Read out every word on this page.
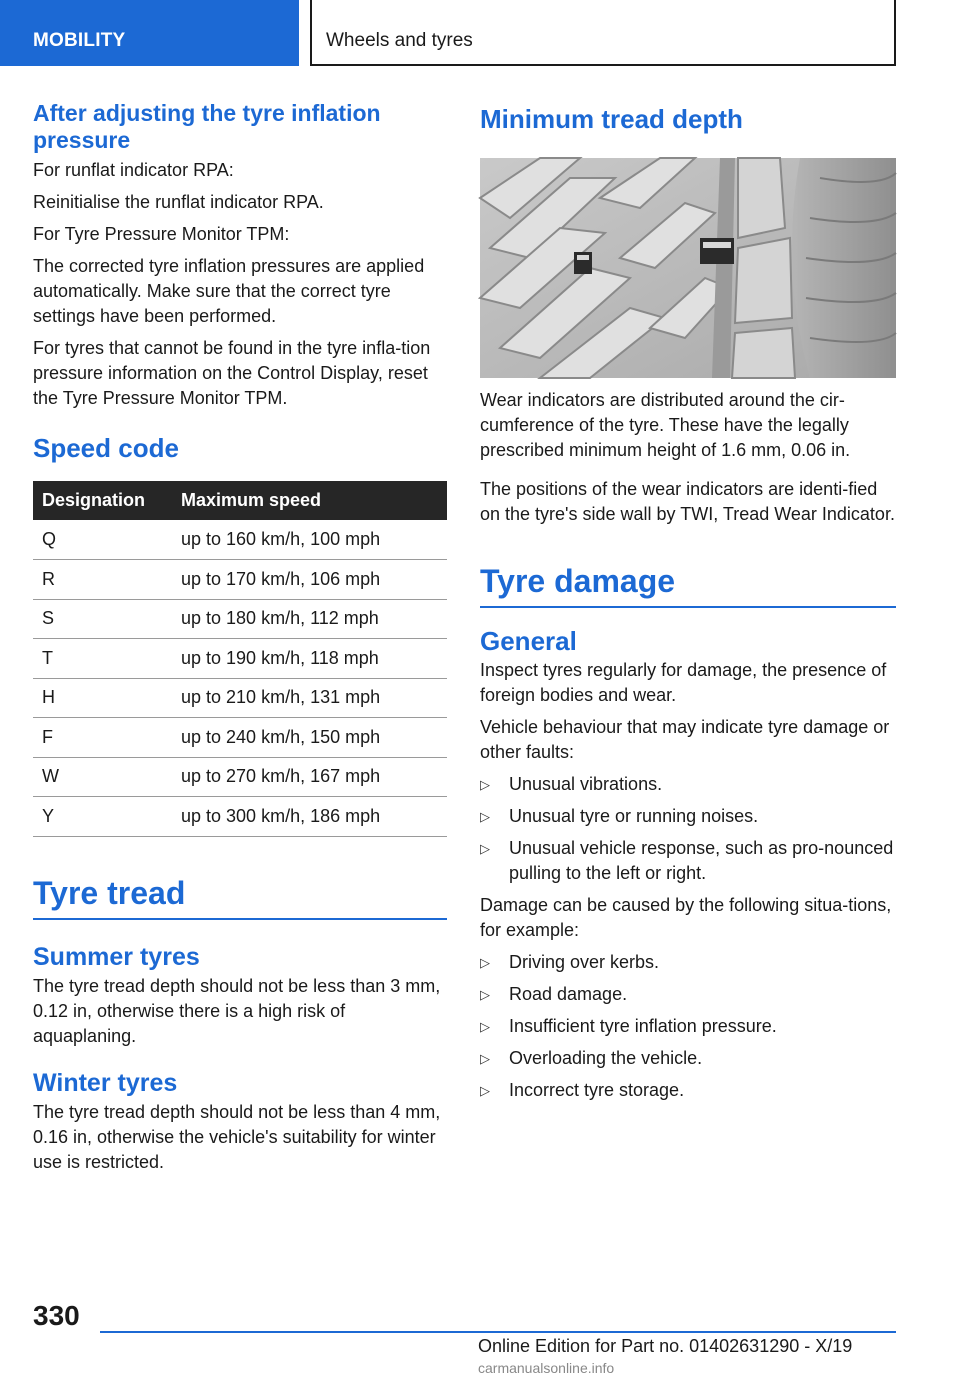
MOBILITY	Wheels and tyres
After adjusting the tyre inflation pressure

For runflat indicator RPA:

Reinitialise the runflat indicator RPA.

For Tyre Pressure Monitor TPM:

The corrected tyre inflation pressures are applied automatically. Make sure that the correct tyre settings have been performed.

For tyres that cannot be found in the tyre infla-tion pressure information on the Control Display, reset the Tyre Pressure Monitor TPM.

Speed code
Designation	Maximum speed
Q	up to 160 km/h, 100 mph
R	up to 170 km/h, 106 mph
S	up to 180 km/h, 112 mph
T	up to 190 km/h, 118 mph
H	up to 210 km/h, 131 mph
F	up to 240 km/h, 150 mph
W	up to 270 km/h, 167 mph
Y	up to 300 km/h, 186 mph
Tyre tread
Summer tyres

The tyre tread depth should not be less than 3 mm, 0.12 in, otherwise there is a high risk of aquaplaning.

Winter tyres

The tyre tread depth should not be less than 4 mm, 0.16 in, otherwise the vehicle's suitability for winter use is restricted.

Minimum tread depth

Wear indicators are distributed around the cir-cumference of the tyre. These have the legally prescribed minimum height of 1.6 mm, 0.06 in.

The positions of the wear indicators are identi-fied on the tyre's side wall by TWI, Tread Wear Indicator.

Tyre damage
General

Inspect tyres regularly for damage, the presence of foreign bodies and wear.

Vehicle behaviour that may indicate tyre damage or other faults:

▷ Unusual vibrations.
▷ Unusual tyre or running noises.
▷ Unusual vehicle response, such as pro-nounced pulling to the left or right.

Damage can be caused by the following situa-tions, for example:

▷ Driving over kerbs.
▷ Road damage.
▷ Insufficient tyre inflation pressure.
▷ Overloading the vehicle.
▷ Incorrect tyre storage.
330
Online Edition for Part no. 01402631290 - X/19 carmanualsonline.info
